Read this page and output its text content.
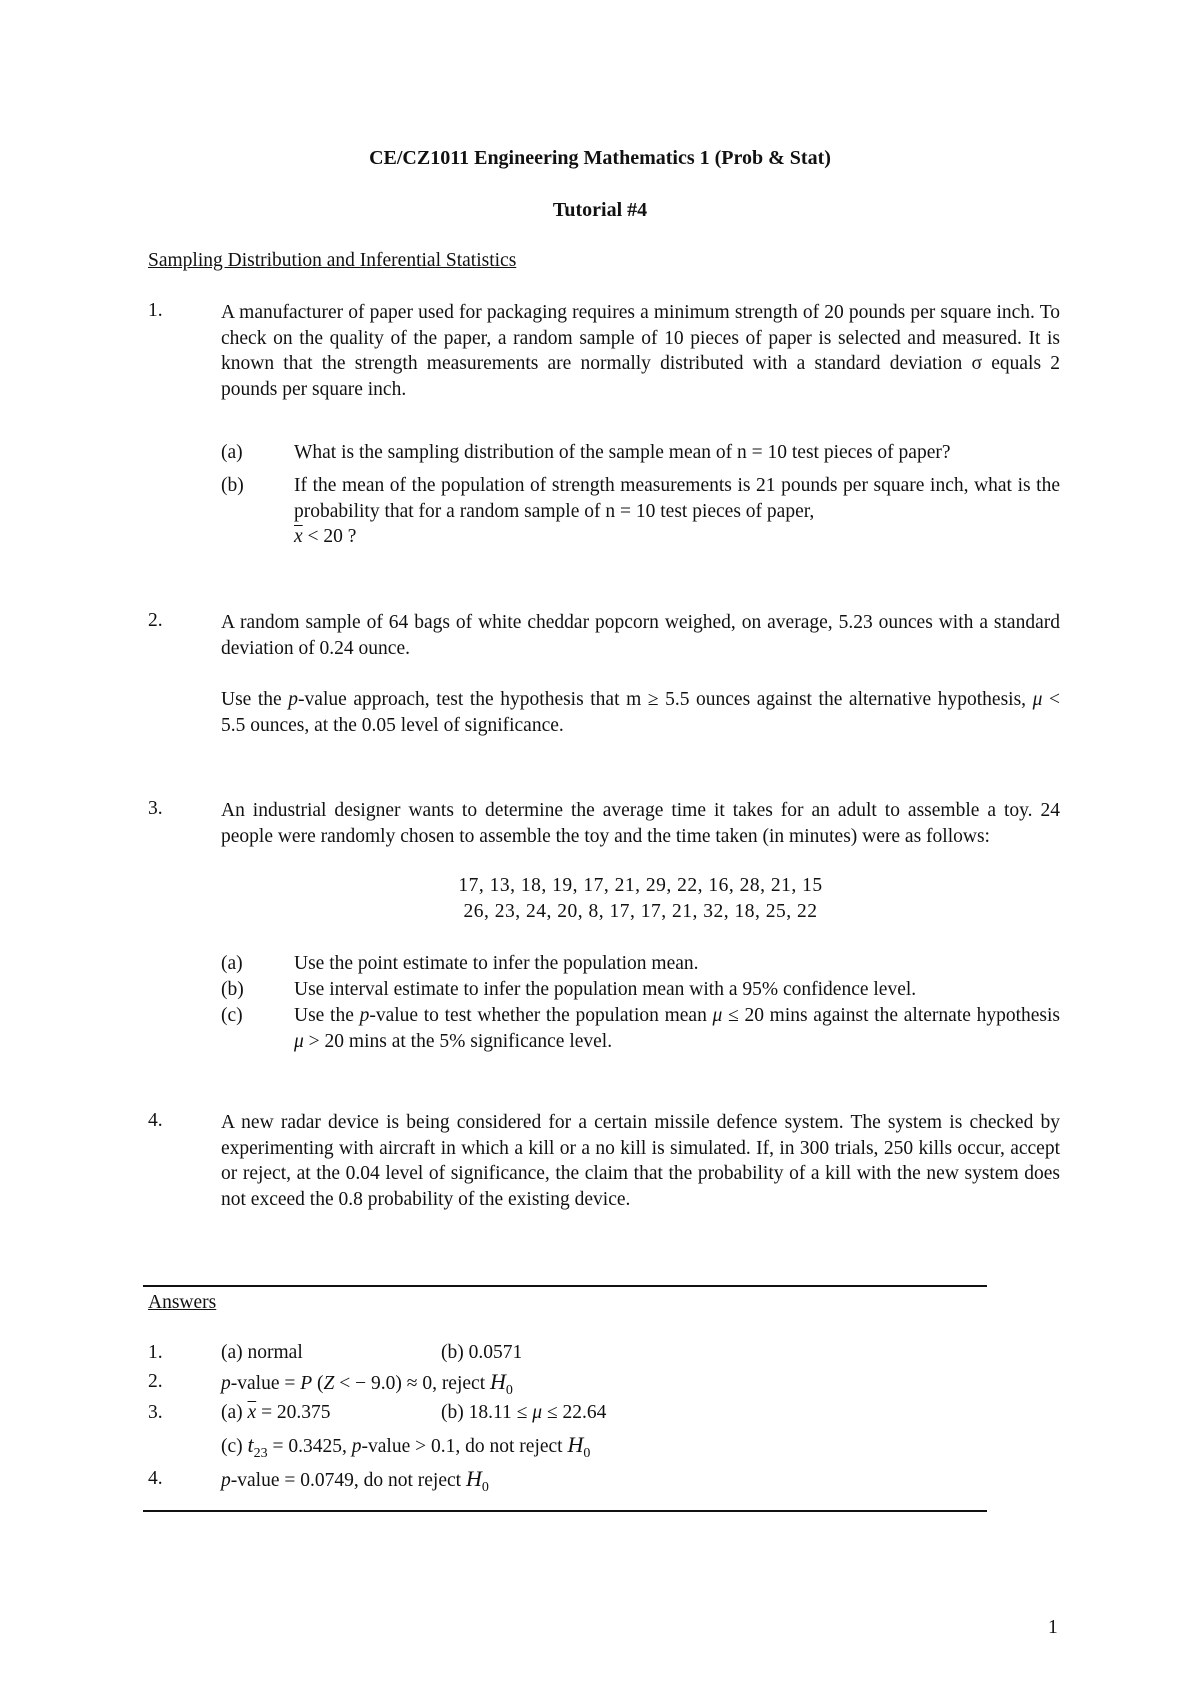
CE/CZ1011 Engineering Mathematics 1 (Prob & Stat)
Tutorial #4
Sampling Distribution and Inferential Statistics
1.	A manufacturer of paper used for packaging requires a minimum strength of 20 pounds per square inch. To check on the quality of the paper, a random sample of 10 pieces of paper is selected and measured. It is known that the strength measurements are normally distributed with a standard deviation σ equals 2 pounds per square inch.
(a)	What is the sampling distribution of the sample mean of n = 10 test pieces of paper?
(b)	If the mean of the population of strength measurements is 21 pounds per square inch, what is the probability that for a random sample of n = 10 test pieces of paper,
$\overline{x} < 20$ ?
2.	A random sample of 64 bags of white cheddar popcorn weighed, on average, 5.23 ounces with a standard deviation of 0.24 ounce.

Use the p-value approach, test the hypothesis that m ≥ 5.5 ounces against the alternative hypothesis, μ < 5.5 ounces, at the 0.05 level of significance.

3.	An industrial designer wants to determine the average time it takes for an adult to assemble a toy. 24 people were randomly chosen to assemble the toy and the time taken (in minutes) were as follows:
17, 13, 18, 19, 17, 21, 29, 22, 16, 28, 21, 15
26, 23, 24, 20, 8, 17, 17, 21, 32, 18, 25, 22
(a)	Use the point estimate to infer the population mean.
(b)	Use interval estimate to infer the population mean with a 95% confidence level.
(c)	Use the p-value to test whether the population mean μ ≤ 20 mins against the alternate hypothesis μ > 20 mins at the 5% significance level.
4.	A new radar device is being considered for a certain missile defence system. The system is checked by experimenting with aircraft in which a kill or a no kill is simulated. If, in 300 trials, 250 kills occur, accept or reject, at the 0.04 level of significance, the claim that the probability of a kill with the new system does not exceed the 0.8 probability of the existing device.
Answers
1.	(a) normal	(b) 0.0571
2.	p-value = P (Z < − 9.0) ≈ 0, reject $H_0$
3.	(a) $\overline{x} = 20.375$	(b) 18.11 ≤ μ ≤ 22.64
(c) $t_{23} = 0.3425$, p-value > 0.1, do not reject $H_0$
4.	p-value = 0.0749, do not reject $H_0$
1
